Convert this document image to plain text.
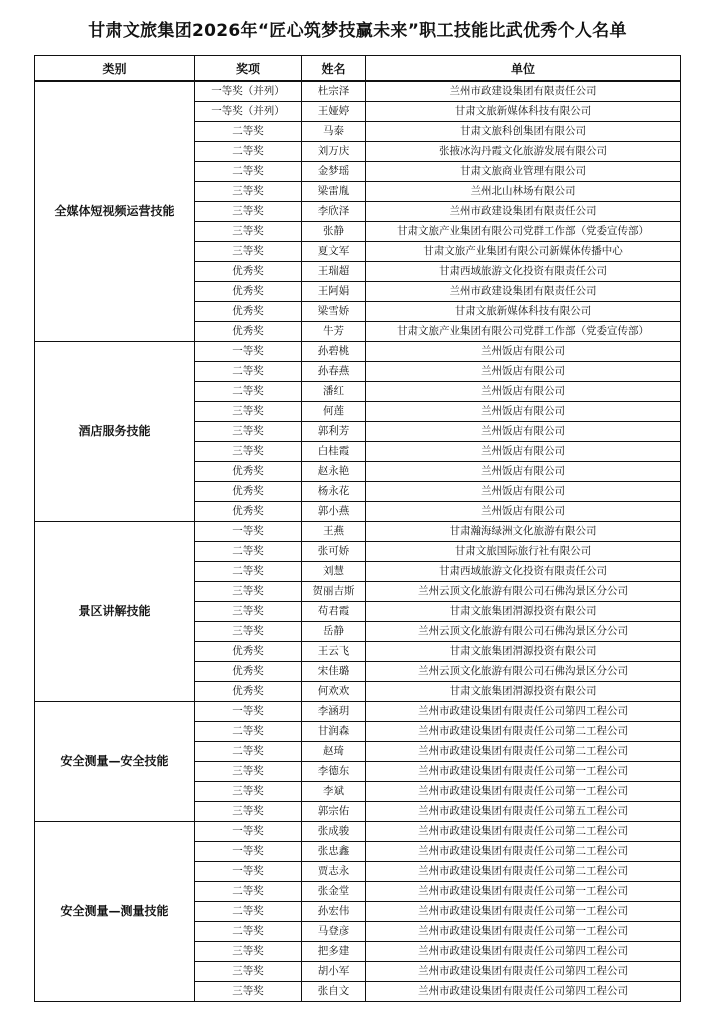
甘肃文旅集团2026年“匠心筑梦技赢未来”职工技能比武优秀个人名单
类别	奖项	姓名	单位
全媒体短视频运营技能	一等奖（并列）	杜宗泽	兰州市政建设集团有限责任公司
	一等奖（并列）	王娅婷	甘肃文旅新媒体科技有限公司
	二等奖	马泰	甘肃文旅科创集团有限公司
	二等奖	刘万庆	张掖冰沟丹霞文化旅游发展有限公司
	二等奖	金梦瑶	甘肃文旅商业管理有限公司
	三等奖	梁雷胤	兰州北山林场有限公司
	三等奖	李欣泽	兰州市政建设集团有限责任公司
	三等奖	张静	甘肃文旅产业集团有限公司党群工作部（党委宣传部）
	三等奖	夏文军	甘肃文旅产业集团有限公司新媒体传播中心
	优秀奖	王瑞超	甘肃西域旅游文化投资有限责任公司
	优秀奖	王阿娟	兰州市政建设集团有限责任公司
	优秀奖	梁雪娇	甘肃文旅新媒体科技有限公司
	优秀奖	牛芳	甘肃文旅产业集团有限公司党群工作部（党委宣传部）
酒店服务技能	一等奖	孙碧桃	兰州饭店有限公司
	二等奖	孙春燕	兰州饭店有限公司
	二等奖	潘红	兰州饭店有限公司
	三等奖	何莲	兰州饭店有限公司
	三等奖	郭利芳	兰州饭店有限公司
	三等奖	白桂霞	兰州饭店有限公司
	优秀奖	赵永艳	兰州饭店有限公司
	优秀奖	杨永花	兰州饭店有限公司
	优秀奖	郭小燕	兰州饭店有限公司
景区讲解技能	一等奖	王燕	甘肃瀚海绿洲文化旅游有限公司
	二等奖	张可娇	甘肃文旅国际旅行社有限公司
	二等奖	刘慧	甘肃西域旅游文化投资有限责任公司
	三等奖	贺丽吉斯	兰州云顶文化旅游有限公司石佛沟景区分公司
	三等奖	苟君霞	甘肃文旅集团渭源投资有限公司
	三等奖	岳静	兰州云顶文化旅游有限公司石佛沟景区分公司
	优秀奖	王云飞	甘肃文旅集团渭源投资有限公司
	优秀奖	宋佳璐	兰州云顶文化旅游有限公司石佛沟景区分公司
	优秀奖	何欢欢	甘肃文旅集团渭源投资有限公司
安全测量—安全技能	一等奖	李涵玥	兰州市政建设集团有限责任公司第四工程公司
	二等奖	甘润森	兰州市政建设集团有限责任公司第二工程公司
	二等奖	赵琦	兰州市政建设集团有限责任公司第二工程公司
	三等奖	李德东	兰州市政建设集团有限责任公司第一工程公司
	三等奖	李斌	兰州市政建设集团有限责任公司第一工程公司
	三等奖	郭宗佑	兰州市政建设集团有限责任公司第五工程公司
安全测量—测量技能	一等奖	张成骏	兰州市政建设集团有限责任公司第二工程公司
	一等奖	张忠鑫	兰州市政建设集团有限责任公司第二工程公司
	一等奖	贾志永	兰州市政建设集团有限责任公司第二工程公司
	二等奖	张金堂	兰州市政建设集团有限责任公司第一工程公司
	二等奖	孙宏伟	兰州市政建设集团有限责任公司第一工程公司
	二等奖	马登彦	兰州市政建设集团有限责任公司第一工程公司
	三等奖	把多建	兰州市政建设集团有限责任公司第四工程公司
	三等奖	胡小军	兰州市政建设集团有限责任公司第四工程公司
	三等奖	张自文	兰州市政建设集团有限责任公司第四工程公司
